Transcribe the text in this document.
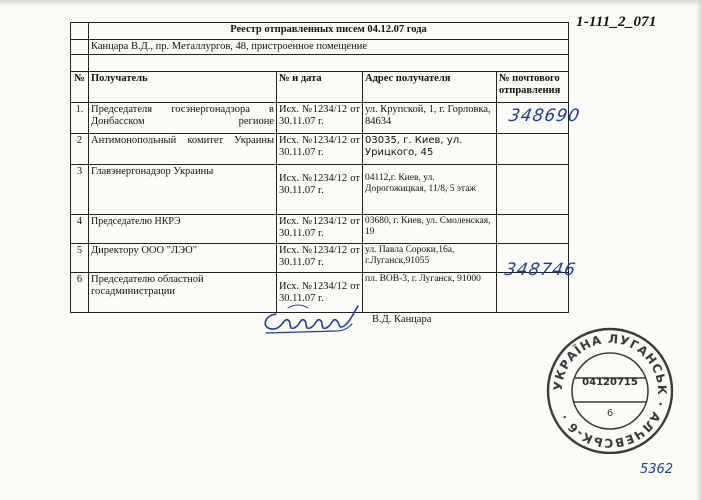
1-111_2_071
	Реестр отправленных писем 04.12.07 года			
	Канцара В.Д., пр. Металлургов, 48, пристроенное помещение			

№	Получатель	№ и дата	Адрес получателя	№ почтового отправления
1.	Председателя госэнергонадзора в Донбасском регионе	Исх. №1234/12 от
30.11.07 г.	ул. Крупской, 1, г. Горловка, 84634	
2	Антимонопольный комитет Украины	Исх. №1234/12 от
30.11.07 г.	03035, г. Киев, ул. Урицкого, 45	
3	Главэнергонадзор Украины	Исх. №1234/12 от
30.11.07 г.	04112,г. Киев, ул. Дорогожицкая, 11/8, 5 этаж	
4	Председателю НКРЭ	Исх. №1234/12 от
30.11.07 г.	03680, г. Киев, ул. Смоленская, 19	
5	Директору ООО "ЛЭО"	Исх. №1234/12 от
30.11.07 г.	ул. Павла Сороки,16а, г.Луганск,91055	
6	Председателю областной госадминистрации	Исх. №1234/12 от
30.11.07 г.	пл. ВОВ-3, г. Луганск, 91000	
348690
348746
В.Д. Канцара
УКРАЇНА ЛУГАНСЬК · АЛЧЕВСЬК-6 ·	6
04120715
5362
